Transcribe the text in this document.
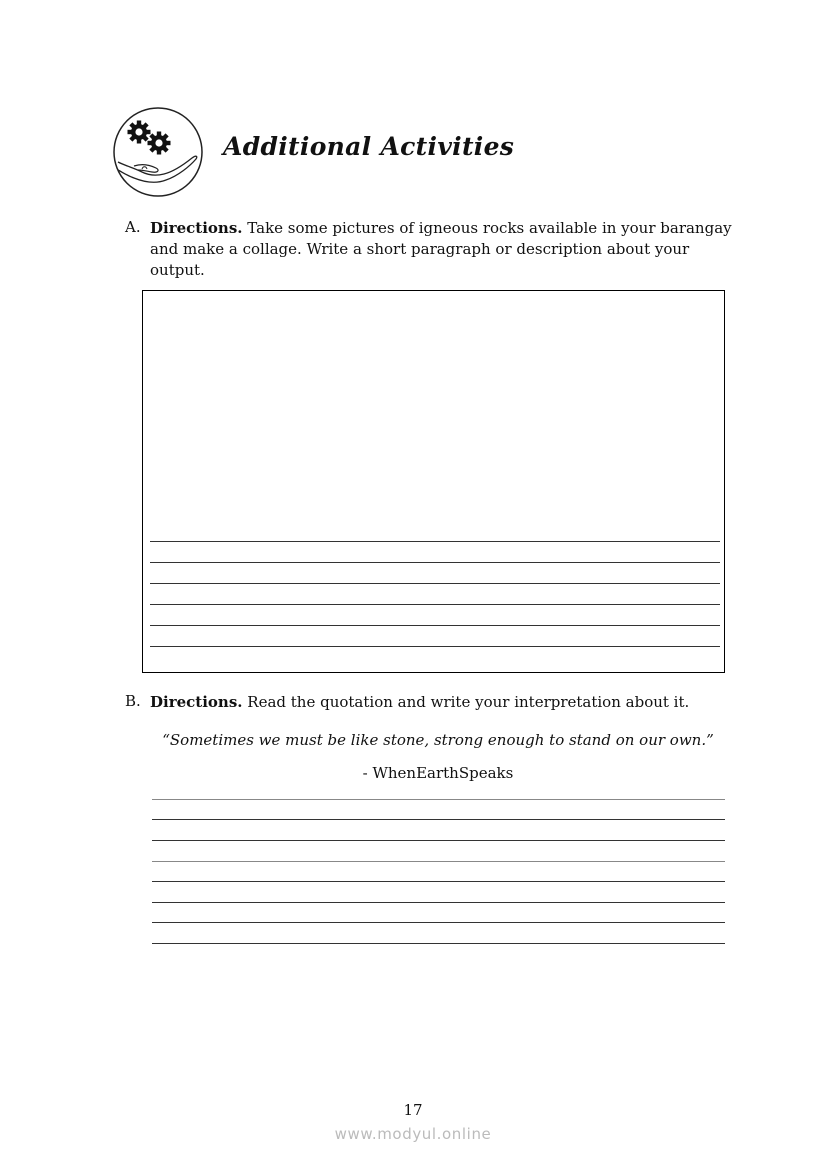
Additional Activities
A. Directions. Take some pictures of igneous rocks available in your barangay
and make a collage. Write a short paragraph or description about your
output.
B. Directions. Read the quotation and write your interpretation about it.
“Sometimes we must be like stone, strong enough to stand on our own.”
- WhenEarthSpeaks
17
www.modyul.online
